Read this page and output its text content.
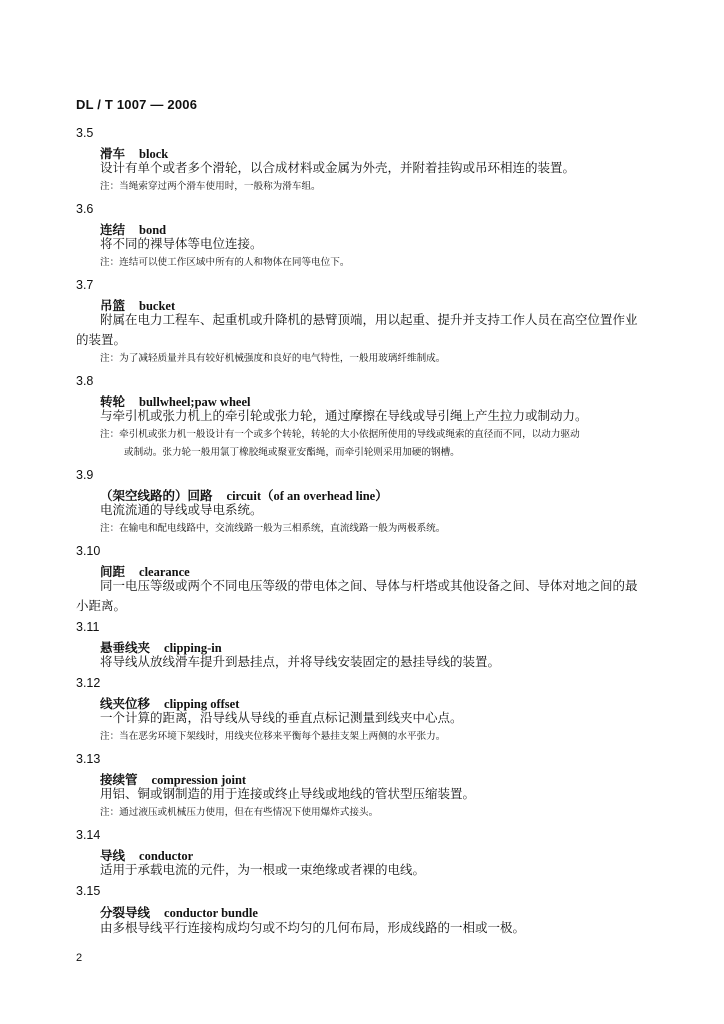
DL / T 1007 — 2006
3.5
滑车 block
设计有单个或者多个滑轮，以合成材料或金属为外壳，并附着挂钩或吊环相连的装置。
注：当绳索穿过两个滑车使用时，一般称为滑车组。
3.6
连结 bond
将不同的裸导体等电位连接。
注：连结可以使工作区域中所有的人和物体在同等电位下。
3.7
吊篮 bucket
附属在电力工程车、起重机或升降机的悬臂顶端，用以起重、提升并支持工作人员在高空位置作业
的装置。
注：为了减轻质量并具有较好机械强度和良好的电气特性，一般用玻璃纤维制成。
3.8
转轮 bullwheel;paw wheel
与牵引机或张力机上的牵引轮或张力轮，通过摩擦在导线或导引绳上产生拉力或制动力。
注：牵引机或张力机一般设计有一个或多个转轮，转轮的大小依据所使用的导线或绳索的直径而不同，以动力驱动
或制动。张力轮一般用氯丁橡胶绳或聚亚安酯绳，而牵引轮则采用加硬的钢槽。
3.9
（架空线路的）回路 circuit（of an overhead line）
电流流通的导线或导电系统。
注：在输电和配电线路中，交流线路一般为三相系统，直流线路一般为两极系统。
3.10
间距 clearance
同一电压等级或两个不同电压等级的带电体之间、导体与杆塔或其他设备之间、导体对地之间的最
小距离。
3.11
悬垂线夹 clipping-in
将导线从放线滑车提升到悬挂点，并将导线安装固定的悬挂导线的装置。
3.12
线夹位移 clipping offset
一个计算的距离，沿导线从导线的垂直点标记测量到线夹中心点。
注：当在恶劣环境下架线时，用线夹位移来平衡每个悬挂支架上两侧的水平张力。
3.13
接续管 compression joint
用铝、铜或钢制造的用于连接或终止导线或地线的管状型压缩装置。
注：通过液压或机械压力使用，但在有些情况下使用爆炸式接头。
3.14
导线 conductor
适用于承载电流的元件，为一根或一束绝缘或者裸的电线。
3.15
分裂导线 conductor bundle
由多根导线平行连接构成均匀或不均匀的几何布局，形成线路的一相或一极。
2
